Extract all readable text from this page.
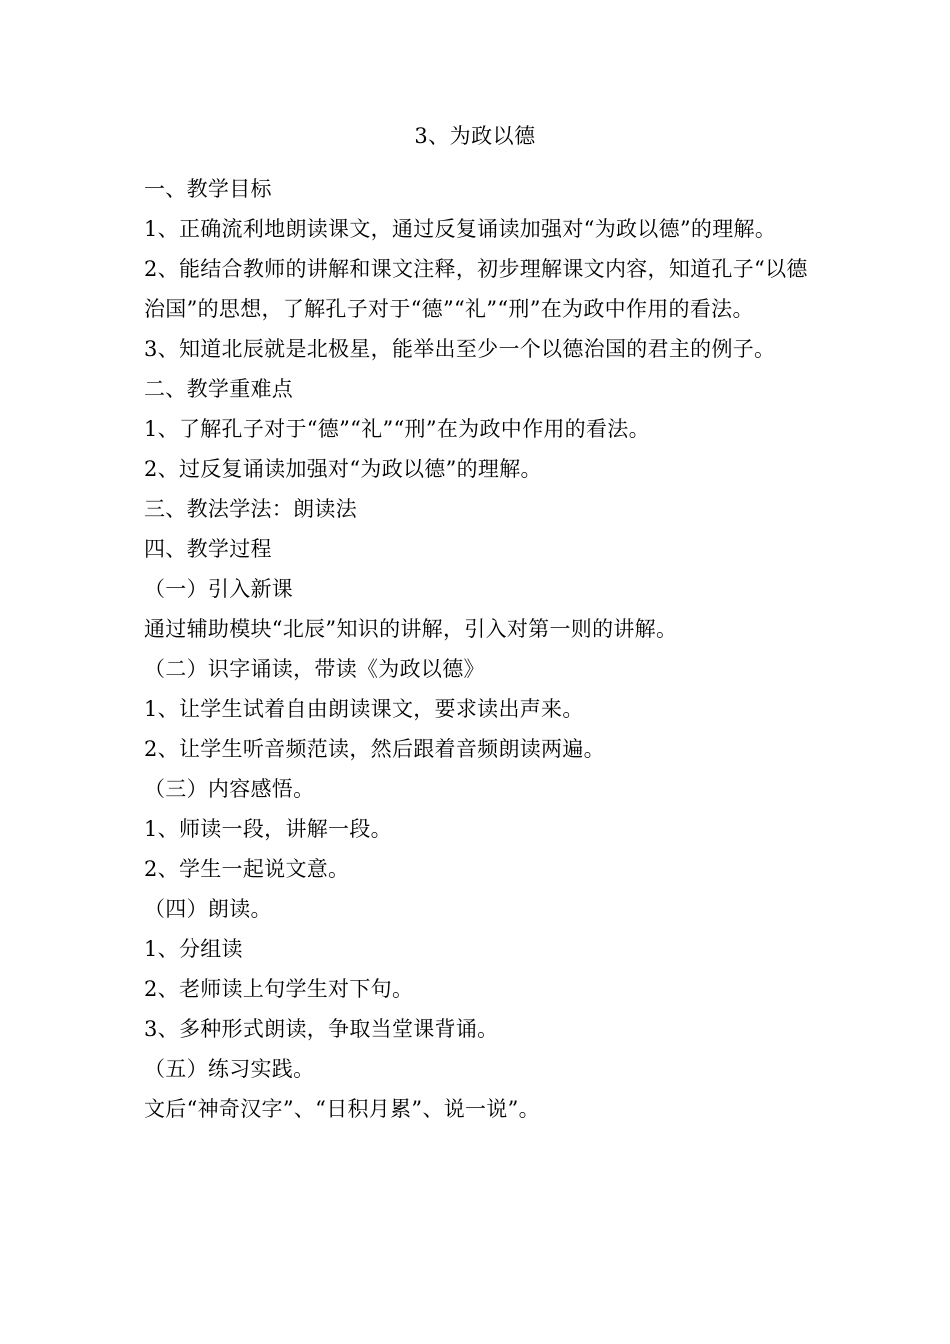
3、为政以德

一、教学目标

1、正确流利地朗读课文，通过反复诵读加强对“为政以德”的理解。

2、能结合教师的讲解和课文注释，初步理解课文内容，知道孔子“以德治国”的思想，了解孔子对于“德”“礼”“刑”在为政中作用的看法。

3、知道北辰就是北极星，能举出至少一个以德治国的君主的例子。

二、教学重难点

1、了解孔子对于“德”“礼”“刑”在为政中作用的看法。

2、过反复诵读加强对“为政以德”的理解。

三、教法学法：朗读法

四、教学过程

（一）引入新课

通过辅助模块“北辰”知识的讲解，引入对第一则的讲解。

（二）识字诵读，带读《为政以德》

1、让学生试着自由朗读课文，要求读出声来。

2、让学生听音频范读，然后跟着音频朗读两遍。

（三）内容感悟。

1、师读一段，讲解一段。

2、学生一起说文意。

（四）朗读。

1、分组读

2、老师读上句学生对下句。

3、多种形式朗读，争取当堂课背诵。

（五）练习实践。

文后“神奇汉字”、“日积月累”、说一说”。
